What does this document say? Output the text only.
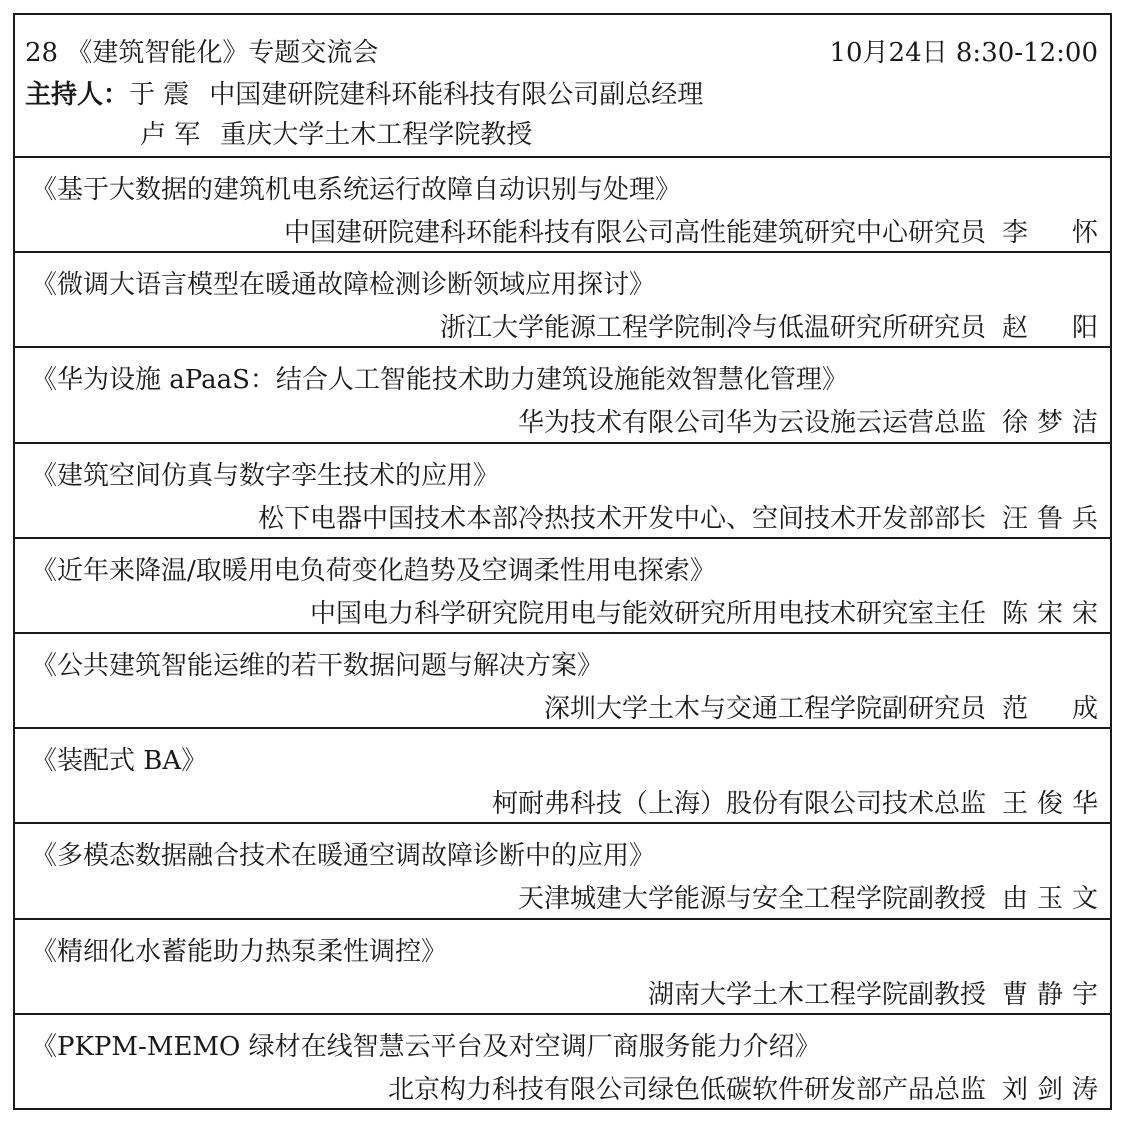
28 《建筑智能化》专题交流会	10月24日 8:30-12:00
主持人：于 震 中国建研院建科环能科技有限公司副总经理
卢 军 重庆大学土木工程学院教授
《基于大数据的建筑机电系统运行故障自动识别与处理》
中国建研院建科环能科技有限公司高性能建筑研究中心研究员 李 怀
《微调大语言模型在暖通故障检测诊断领域应用探讨》
浙江大学能源工程学院制冷与低温研究所研究员 赵 阳
《华为设施 aPaaS：结合人工智能技术助力建筑设施能效智慧化管理》
华为技术有限公司华为云设施云运营总监 徐梦洁
《建筑空间仿真与数字孪生技术的应用》
松下电器中国技术本部冷热技术开发中心、空间技术开发部部长 汪鲁兵
《近年来降温/取暖用电负荷变化趋势及空调柔性用电探索》
中国电力科学研究院用电与能效研究所用电技术研究室主任 陈宋宋
《公共建筑智能运维的若干数据问题与解决方案》
深圳大学土木与交通工程学院副研究员 范 成
《装配式 BA》
柯耐弗科技（上海）股份有限公司技术总监 王俊华
《多模态数据融合技术在暖通空调故障诊断中的应用》
天津城建大学能源与安全工程学院副教授 由玉文
《精细化水蓄能助力热泵柔性调控》
湖南大学土木工程学院副教授 曹静宇
《PKPM-MEMO 绿材在线智慧云平台及对空调厂商服务能力介绍》
北京构力科技有限公司绿色低碳软件研发部产品总监 刘剑涛
